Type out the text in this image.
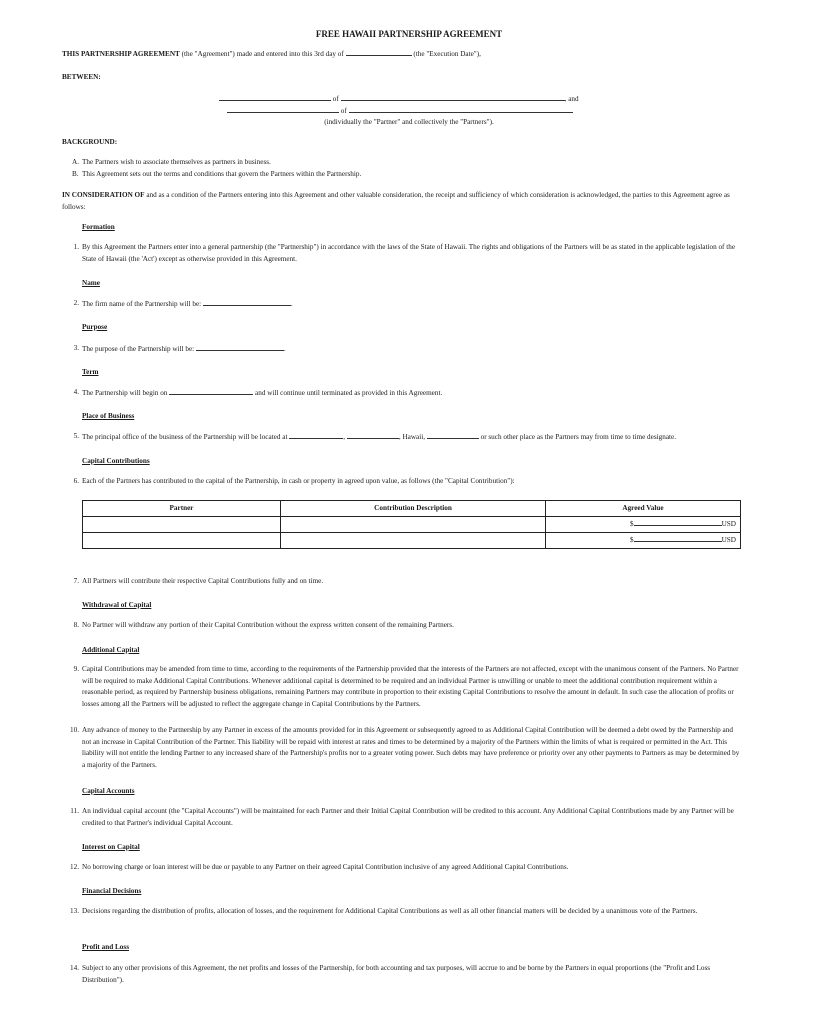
FREE HAWAII PARTNERSHIP AGREEMENT
THIS PARTNERSHIP AGREEMENT (the "Agreement") made and entered into this 3rd day of	(the "Execution Date"),
BETWEEN:
of	, and
of
(individually the "Partner" and collectively the "Partners").
BACKGROUND:
A. The Partners wish to associate themselves as partners in business.
B. This Agreement sets out the terms and conditions that govern the Partners within the Partnership.
IN CONSIDERATION OF and as a condition of the Partners entering into this Agreement and other valuable consideration, the receipt and sufficiency of which consideration is acknowledged, the parties to this Agreement agree as follows:
Formation
1. By this Agreement the Partners enter into a general partnership (the "Partnership") in accordance with the laws of the State of Hawaii. The rights and obligations of the Partners will be as stated in the applicable legislation of the State of Hawaii (the 'Act') except as otherwise provided in this Agreement.
Name
2. The firm name of the Partnership will be:	.
Purpose
3. The purpose of the Partnership will be:	.
Term
4. The Partnership will begin on	and will continue until terminated as provided in this Agreement.
Place of Business
5. The principal office of the business of the Partnership will be located at	,	, Hawaii,	or such other place as the Partners may from time to time designate.
Capital Contributions
6. Each of the Partners has contributed to the capital of the Partnership, in cash or property in agreed upon value, as follows (the "Capital Contribution"):
Partner	Contribution Description	Agreed Value
		$ USD
		$ USD
7. All Partners will contribute their respective Capital Contributions fully and on time.
Withdrawal of Capital
8. No Partner will withdraw any portion of their Capital Contribution without the express written consent of the remaining Partners.
Additional Capital
9. Capital Contributions may be amended from time to time, according to the requirements of the Partnership provided that the interests of the Partners are not affected, except with the unanimous consent of the Partners. No Partner will be required to make Additional Capital Contributions. Whenever additional capital is determined to be required and an individual Partner is unwilling or unable to meet the additional contribution requirement within a reasonable period, as required by Partnership business obligations, remaining Partners may contribute in proportion to their existing Capital Contributions to resolve the amount in default. In such case the allocation of profits or losses among all the Partners will be adjusted to reflect the aggregate change in Capital Contributions by the Partners.
10. Any advance of money to the Partnership by any Partner in excess of the amounts provided for in this Agreement or subsequently agreed to as Additional Capital Contribution will be deemed a debt owed by the Partnership and not an increase in Capital Contribution of the Partner. This liability will be repaid with interest at rates and times to be determined by a majority of the Partners within the limits of what is required or permitted in the Act. This liability will not entitle the lending Partner to any increased share of the Partnership's profits nor to a greater voting power. Such debts may have preference or priority over any other payments to Partners as may be determined by a majority of the Partners.
Capital Accounts
11. An individual capital account (the "Capital Accounts") will be maintained for each Partner and their Initial Capital Contribution will be credited to this account. Any Additional Capital Contributions made by any Partner will be credited to that Partner's individual Capital Account.
Interest on Capital
12. No borrowing charge or loan interest will be due or payable to any Partner on their agreed Capital Contribution inclusive of any agreed Additional Capital Contributions.
Financial Decisions
13. Decisions regarding the distribution of profits, allocation of losses, and the requirement for Additional Capital Contributions as well as all other financial matters will be decided by a unanimous vote of the Partners.
Profit and Loss
14. Subject to any other provisions of this Agreement, the net profits and losses of the Partnership, for both accounting and tax purposes, will accrue to and be borne by the Partners in equal proportions (the "Profit and Loss Distribution").
